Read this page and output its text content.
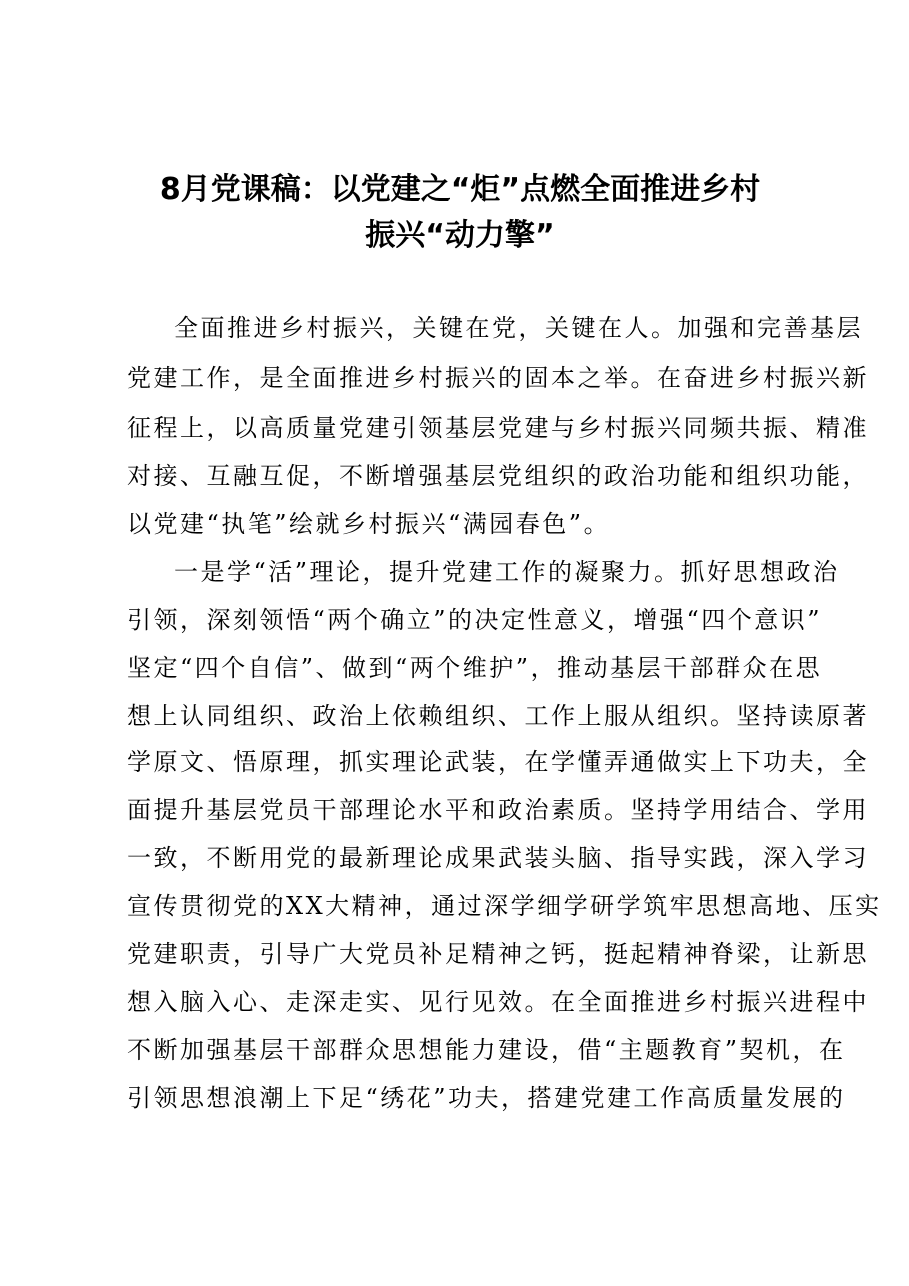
8月党课稿：以党建之“炬”点燃全面推进乡村
振兴“动力擎”
全面推进乡村振兴，关键在党，关键在人。加强和完善基层
党建工作，是全面推进乡村振兴的固本之举。在奋进乡村振兴新
征程上，以高质量党建引领基层党建与乡村振兴同频共振、精准
对接、互融互促，不断增强基层党组织的政治功能和组织功能，
以党建“执笔”绘就乡村振兴“满园春色”。
一是学“活”理论，提升党建工作的凝聚力。抓好思想政治
引领，深刻领悟“两个确立”的决定性意义，增强“四个意识”
坚定“四个自信”、做到“两个维护”，推动基层干部群众在思
想上认同组织、政治上依赖组织、工作上服从组织。坚持读原著
学原文、悟原理，抓实理论武装，在学懂弄通做实上下功夫，全
面提升基层党员干部理论水平和政治素质。坚持学用结合、学用
一致，不断用党的最新理论成果武装头脑、指导实践，深入学习
宣传贯彻党的XX大精神，通过深学细学研学筑牢思想高地、压实
党建职责，引导广大党员补足精神之钙，挺起精神脊梁，让新思
想入脑入心、走深走实、见行见效。在全面推进乡村振兴进程中
不断加强基层干部群众思想能力建设，借“主题教育”契机，在
引领思想浪潮上下足“绣花”功夫，搭建党建工作高质量发展的
